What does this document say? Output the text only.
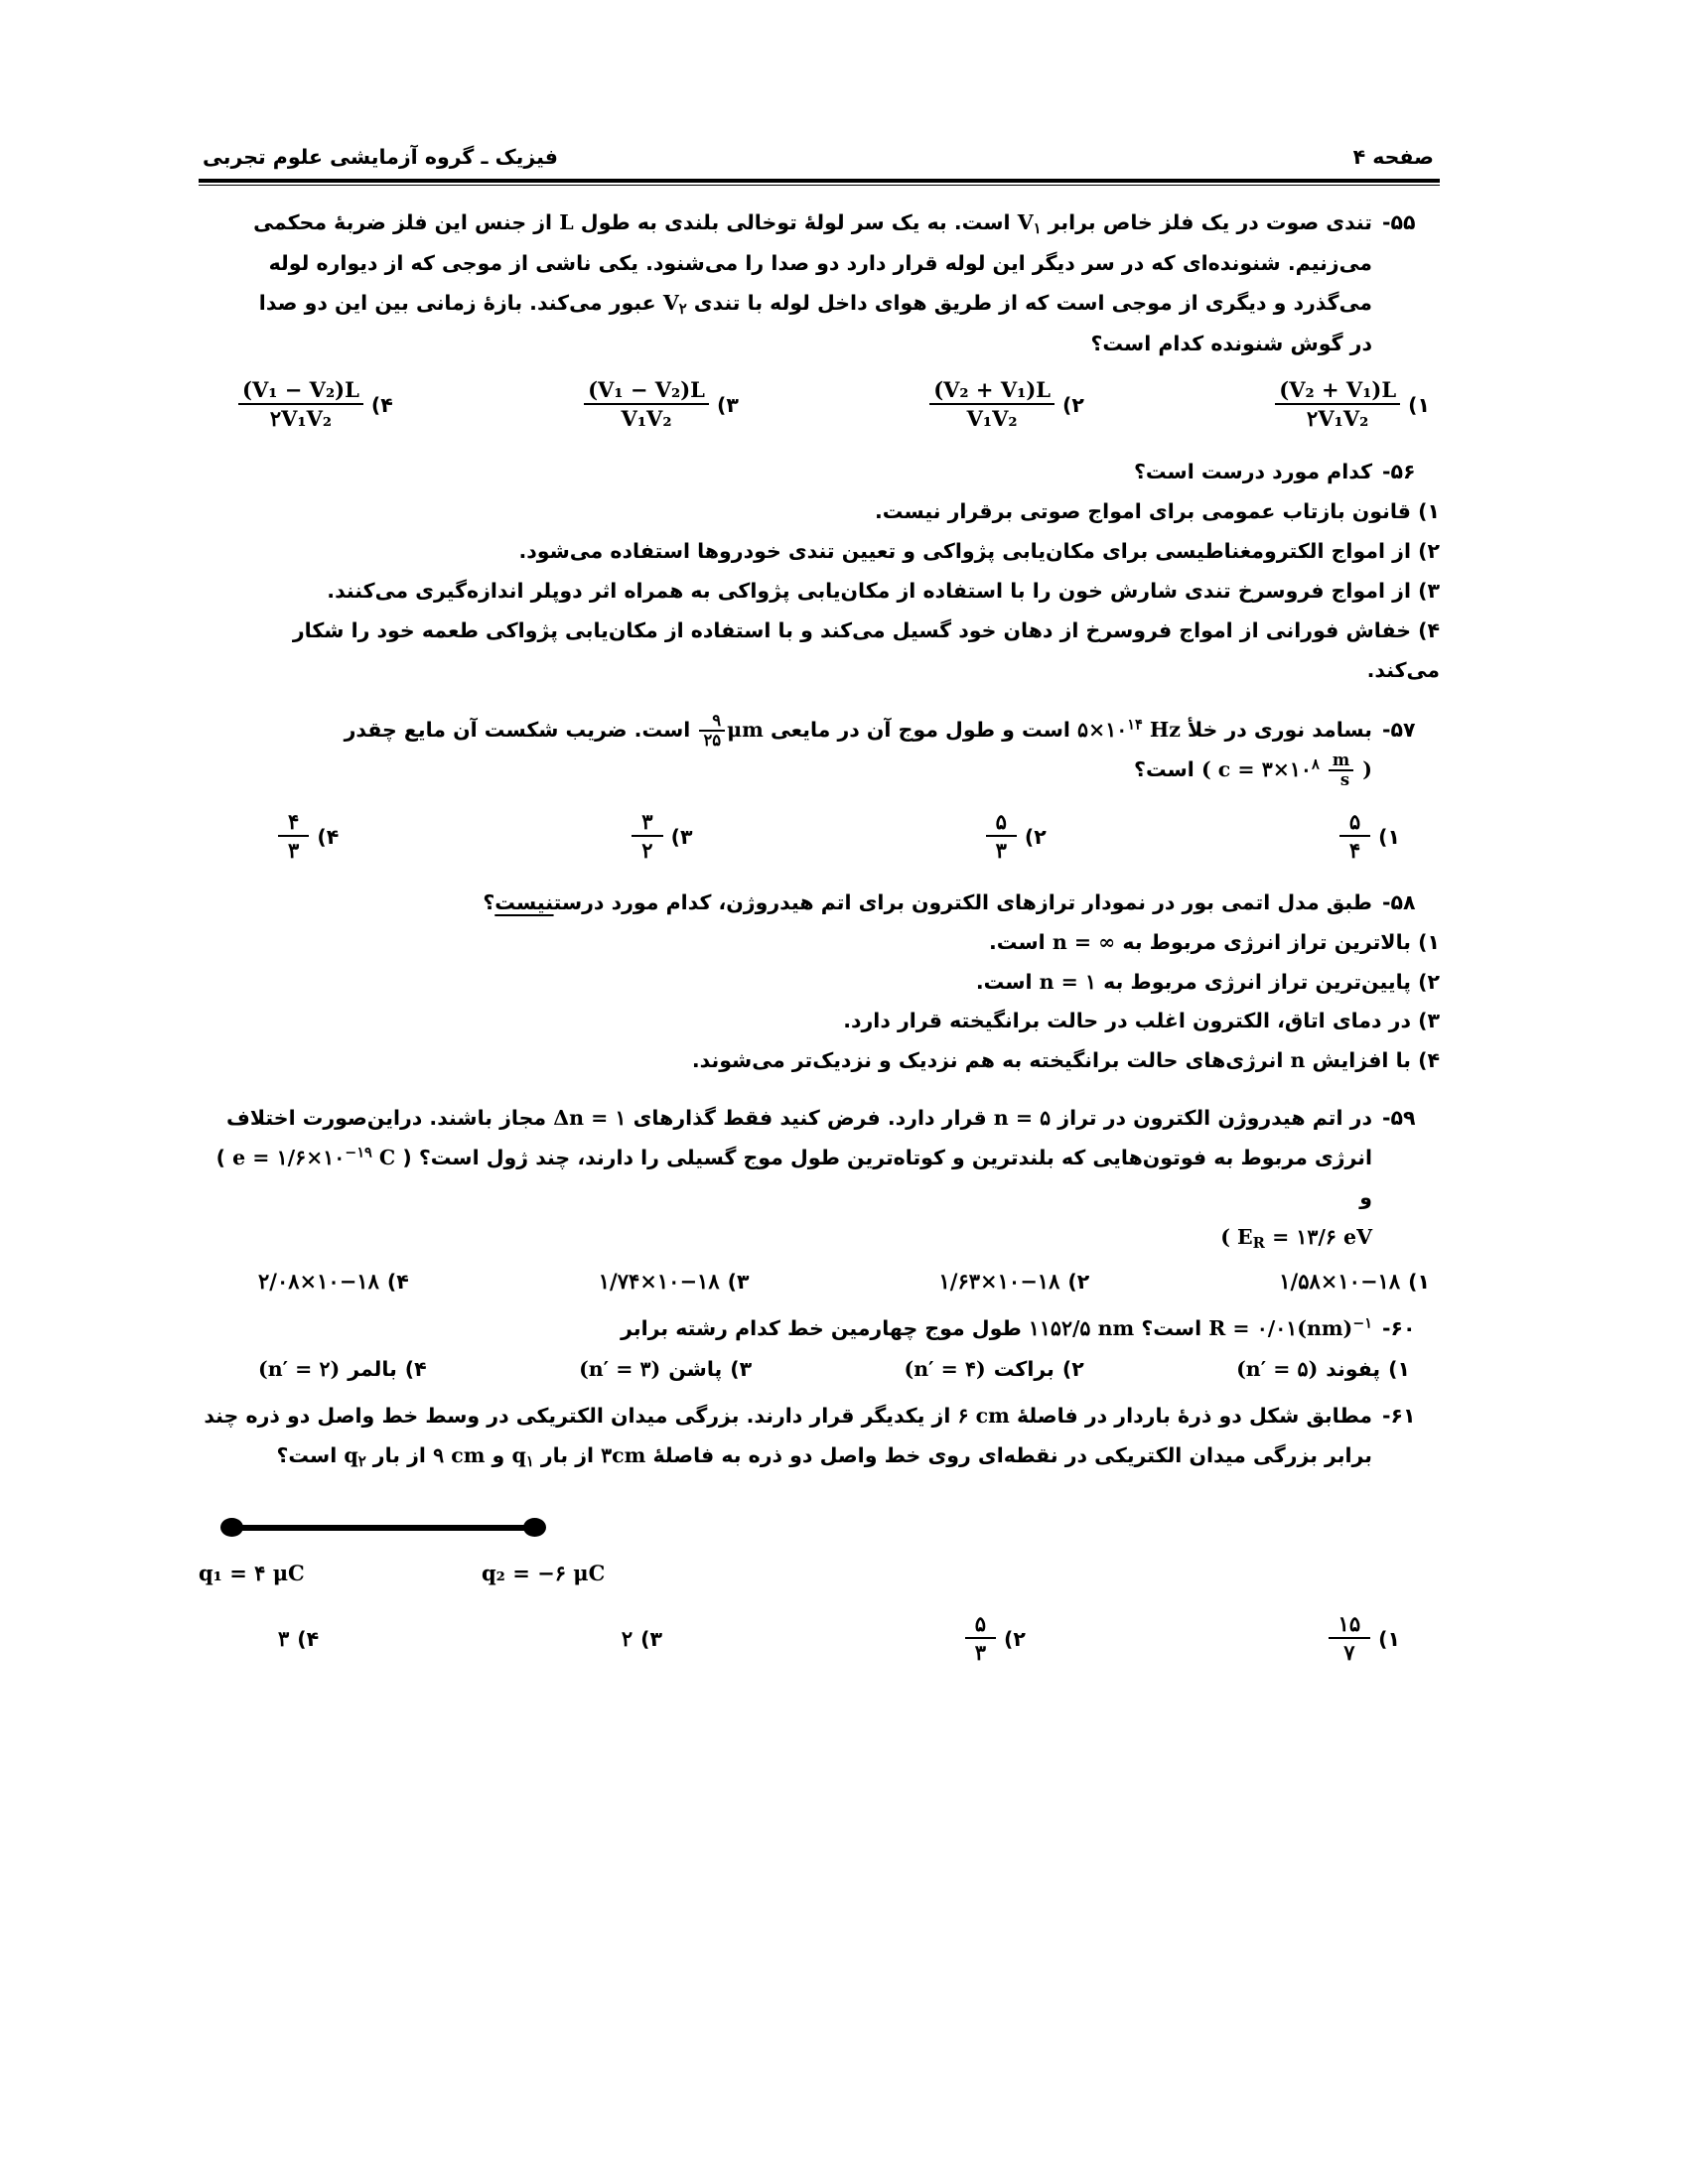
فیزیک ـ گروه آزمایشی علوم تجربی	صفحه ۴
۵۵-
تندی صوت در یک فلز خاص برابر $V_۱$ است. به یک سر لولهٔ توخالی بلندی به طول L از جنس این فلز ضربهٔ محکمی
می‌زنیم. شنونده‌ای که در سر دیگر این لوله قرار دارد دو صدا را می‌شنود. یکی ناشی از موجی که از دیواره لوله
می‌گذرد و دیگری از موجی است که از طریق هوای داخل لوله با تندی $V_۲$ عبور می‌کند. بازهٔ زمانی بین این دو صدا
در گوش شنونده کدام است؟
۱)
$\frac{\text{(V₂ + V₁)L}}{\text{۲V₁V₂}}$
۲)
$\frac{\text{(V₂ + V₁)L}}{\text{V₁V₂}}$
۳)
$\frac{\text{(V₁ − V₂)L}}{\text{V₁V₂}}$
۴)
$\frac{\text{(V₁ − V₂)L}}{\text{۲V₁V₂}}$
۵۶-
کدام مورد درست است؟
۱) قانون بازتاب عمومی برای امواج صوتی برقرار نیست.
۲) از امواج الکترومغناطیسی برای مکان‌یابی پژواکی و تعیین تندی خودروها استفاده می‌شود.
۳) از امواج فروسرخ تندی شارش خون را با استفاده از مکان‌یابی پژواکی به همراه اثر دوپلر اندازه‌گیری می‌کنند.
۴) خفاش فورانی از امواج فروسرخ از دهان خود گسیل می‌کند و با استفاده از مکان‌یابی پژواکی طعمه خود را شکار می‌کند.
۵۷-
بسامد نوری در خلأ $۵\times ۱۰^{۱۴}$ Hz است و طول موج آن در مایعی
$\frac{۹}{۲۵}$ μm است. ضریب شکست آن مایع چقدر
( $c = ۳\times ۱۰^۸ \frac{m}{s}$ ) است؟
۱)
$\frac{۵}{۴}$
۲)
$\frac{۵}{۳}$
۳)
$\frac{۳}{۲}$
۴)
$\frac{۴}{۳}$
۵۸-
طبق مدل اتمی بور در نمودار ترازهای الکترون برای اتم هیدروژن، کدام مورد درستنیست؟
۱) بالاترین تراز انرژی مربوط به n = ∞ است.
۲) پایین‌ترین تراز انرژی مربوط به n = ۱ است.
۳) در دمای اتاق، الکترون اغلب در حالت برانگیخته قرار دارد.
۴) با افزایش n انرژی‌های حالت برانگیخته به هم نزدیک و نزدیک‌تر می‌شوند.
۵۹-
در اتم هیدروژن الکترون در تراز n = ۵ قرار دارد. فرض کنید فقط گذارهای Δn = ۱ مجاز باشند. دراین‌صورت اختلاف
انرژی مربوط به فوتون‌هایی که بلندترین و کوتاه‌ترین طول موج گسیلی را دارند، چند ژول است؟ ( $e = ۱/۶\times ۱۰^{-۱۹}$ C ) و
( $E_R$ = ۱۳/۶ eV
۱)
۱/۵۸×۱۰−۱۸
۲)
۱/۶۳×۱۰−۱۸
۳)
۱/۷۴×۱۰−۱۸
۴)
۲/۰۸×۱۰−۱۸
۶۰-
R = ۰/۰۱(nm)$^{-۱}$ است؟ ۱۱۵۲/۵ nm طول موج چهارمین خط کدام رشته برابر
۱)
پفوند
(n′ = ۵)
۲)
براکت
(n′ = ۴)
۳)
پاشن
(n′ = ۳)
۴)
بالمر
(n′ = ۲)
۶۱-
مطابق شکل دو ذرهٔ باردار در فاصلهٔ ۶ cm از یکدیگر قرار دارند. بزرگی میدان الکتریکی در وسط خط واصل دو ذره چند
برابر بزرگی میدان الکتریکی در نقطه‌ای روی خط واصل دو ذره به فاصلهٔ ۳cm از بار $q_۱$ و ۹ cm از بار $q_۲$ است؟
q₁ = ۴ μC	q₂ = −۶ μC
۱)
$\frac{۱۵}{۷}$
۲)
$\frac{۵}{۳}$
۳)
۲
۴)
۳
